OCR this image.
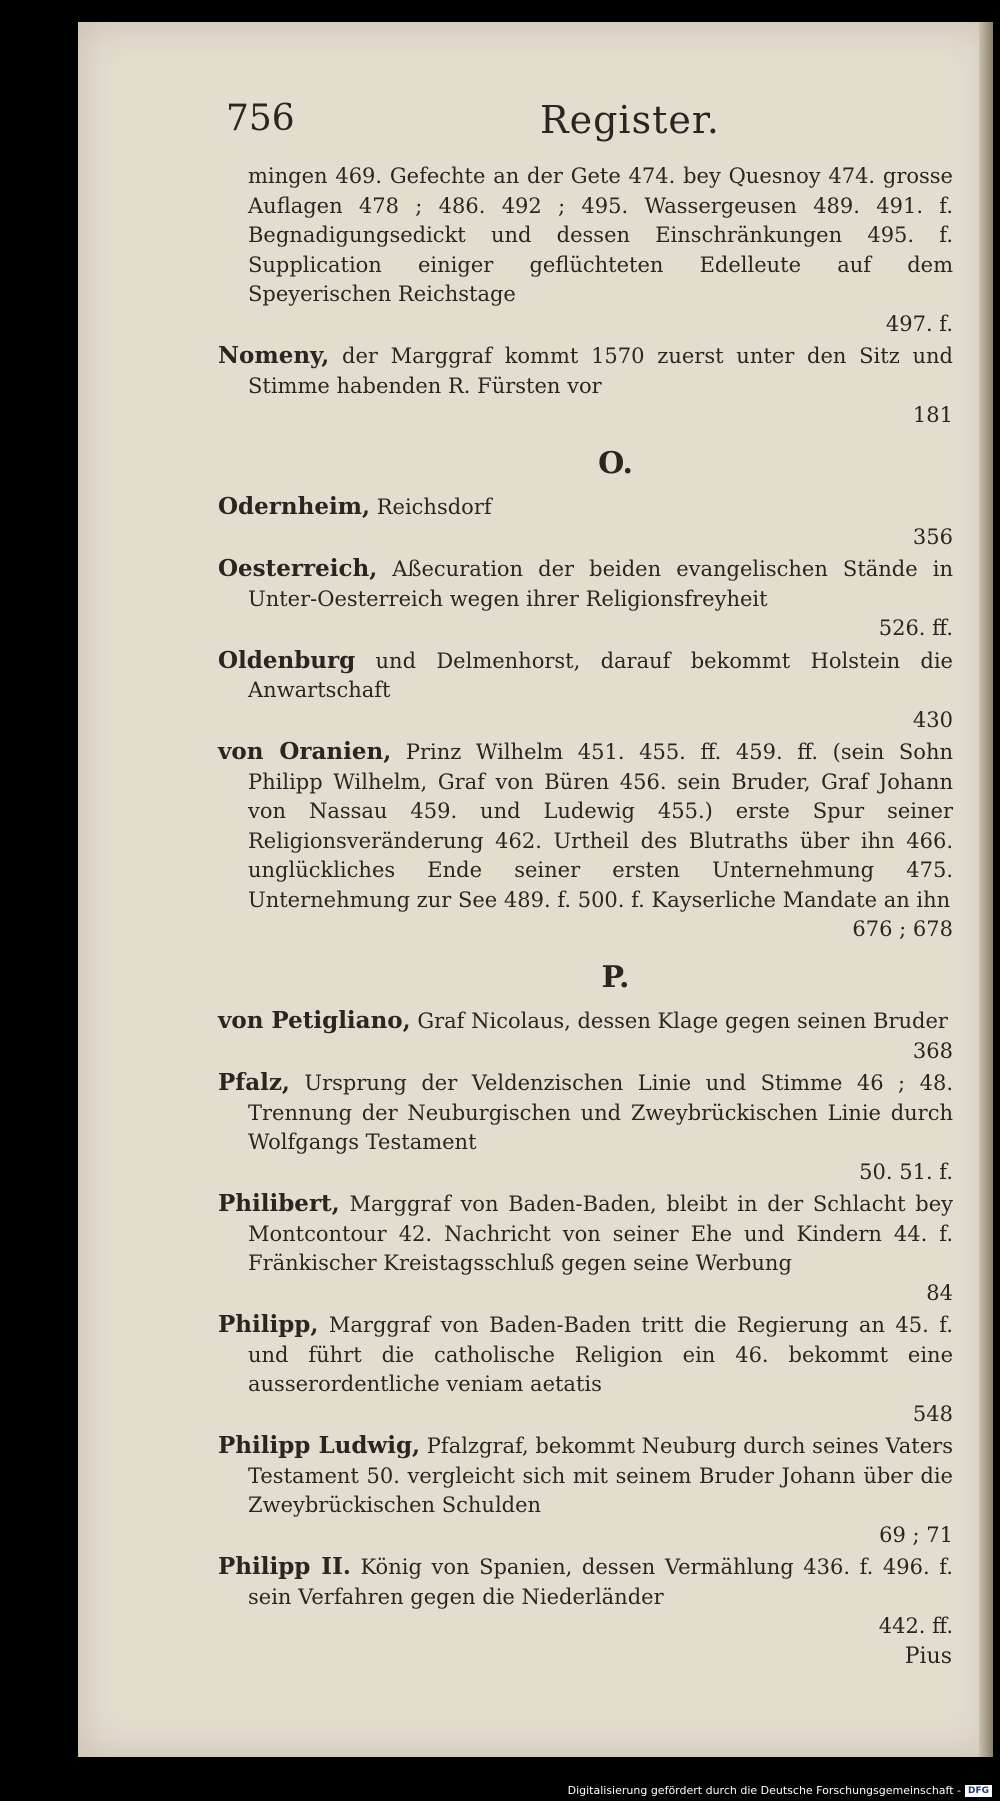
756	Register.

mingen 469. Gefechte an der Gete 474. bey Quesnoy 474. grosse Auflagen 478 ; 486. 492 ; 495. Wassergeusen 489. 491. f. Begnadigungsedickt und dessen Einschränkungen 495. f. Supplication einiger geflüchteten Edelleute auf dem Speyerischen Reichstage
497. f.

Nomeny, der Marggraf kommt 1570 zuerst unter den Sitz und Stimme habenden R. Fürsten vor
181

O.

Odernheim, Reichsdorf
356

Oesterreich, Aßecuration der beiden evangelischen Stände in Unter-Oesterreich wegen ihrer Religionsfreyheit
526. ff.

Oldenburg und Delmenhorst, darauf bekommt Holstein die Anwartschaft
430

von Oranien, Prinz Wilhelm 451. 455. ff. 459. ff. (sein Sohn Philipp Wilhelm, Graf von Büren 456. sein Bruder, Graf Johann von Nassau 459. und Ludewig 455.) erste Spur seiner Religionsveränderung 462. Urtheil des Blutraths über ihn 466. unglückliches Ende seiner ersten Unternehmung 475. Unternehmung zur See 489. f. 500. f. Kayserliche Mandate an ihn
676 ; 678

P.

von Petigliano, Graf Nicolaus, dessen Klage gegen seinen Bruder
368

Pfalz, Ursprung der Veldenzischen Linie und Stimme 46 ; 48. Trennung der Neuburgischen und Zweybrückischen Linie durch Wolfgangs Testament
50. 51. f.

Philibert, Marggraf von Baden-Baden, bleibt in der Schlacht bey Montcontour 42. Nachricht von seiner Ehe und Kindern 44. f. Fränkischer Kreistagsschluß gegen seine Werbung
84

Philipp, Marggraf von Baden-Baden tritt die Regierung an 45. f. und führt die catholische Religion ein 46. bekommt eine ausserordentliche veniam aetatis
548

Philipp Ludwig, Pfalzgraf, bekommt Neuburg durch seines Vaters Testament 50. vergleicht sich mit seinem Bruder Johann über die Zweybrückischen Schulden
69 ; 71

Philipp II. König von Spanien, dessen Vermählung 436. f. 496. f. sein Verfahren gegen die Niederländer
442. ff.

Pius
Digitalisierung gefördert durch die Deutsche Forschungsgemeinschaft - DFG
